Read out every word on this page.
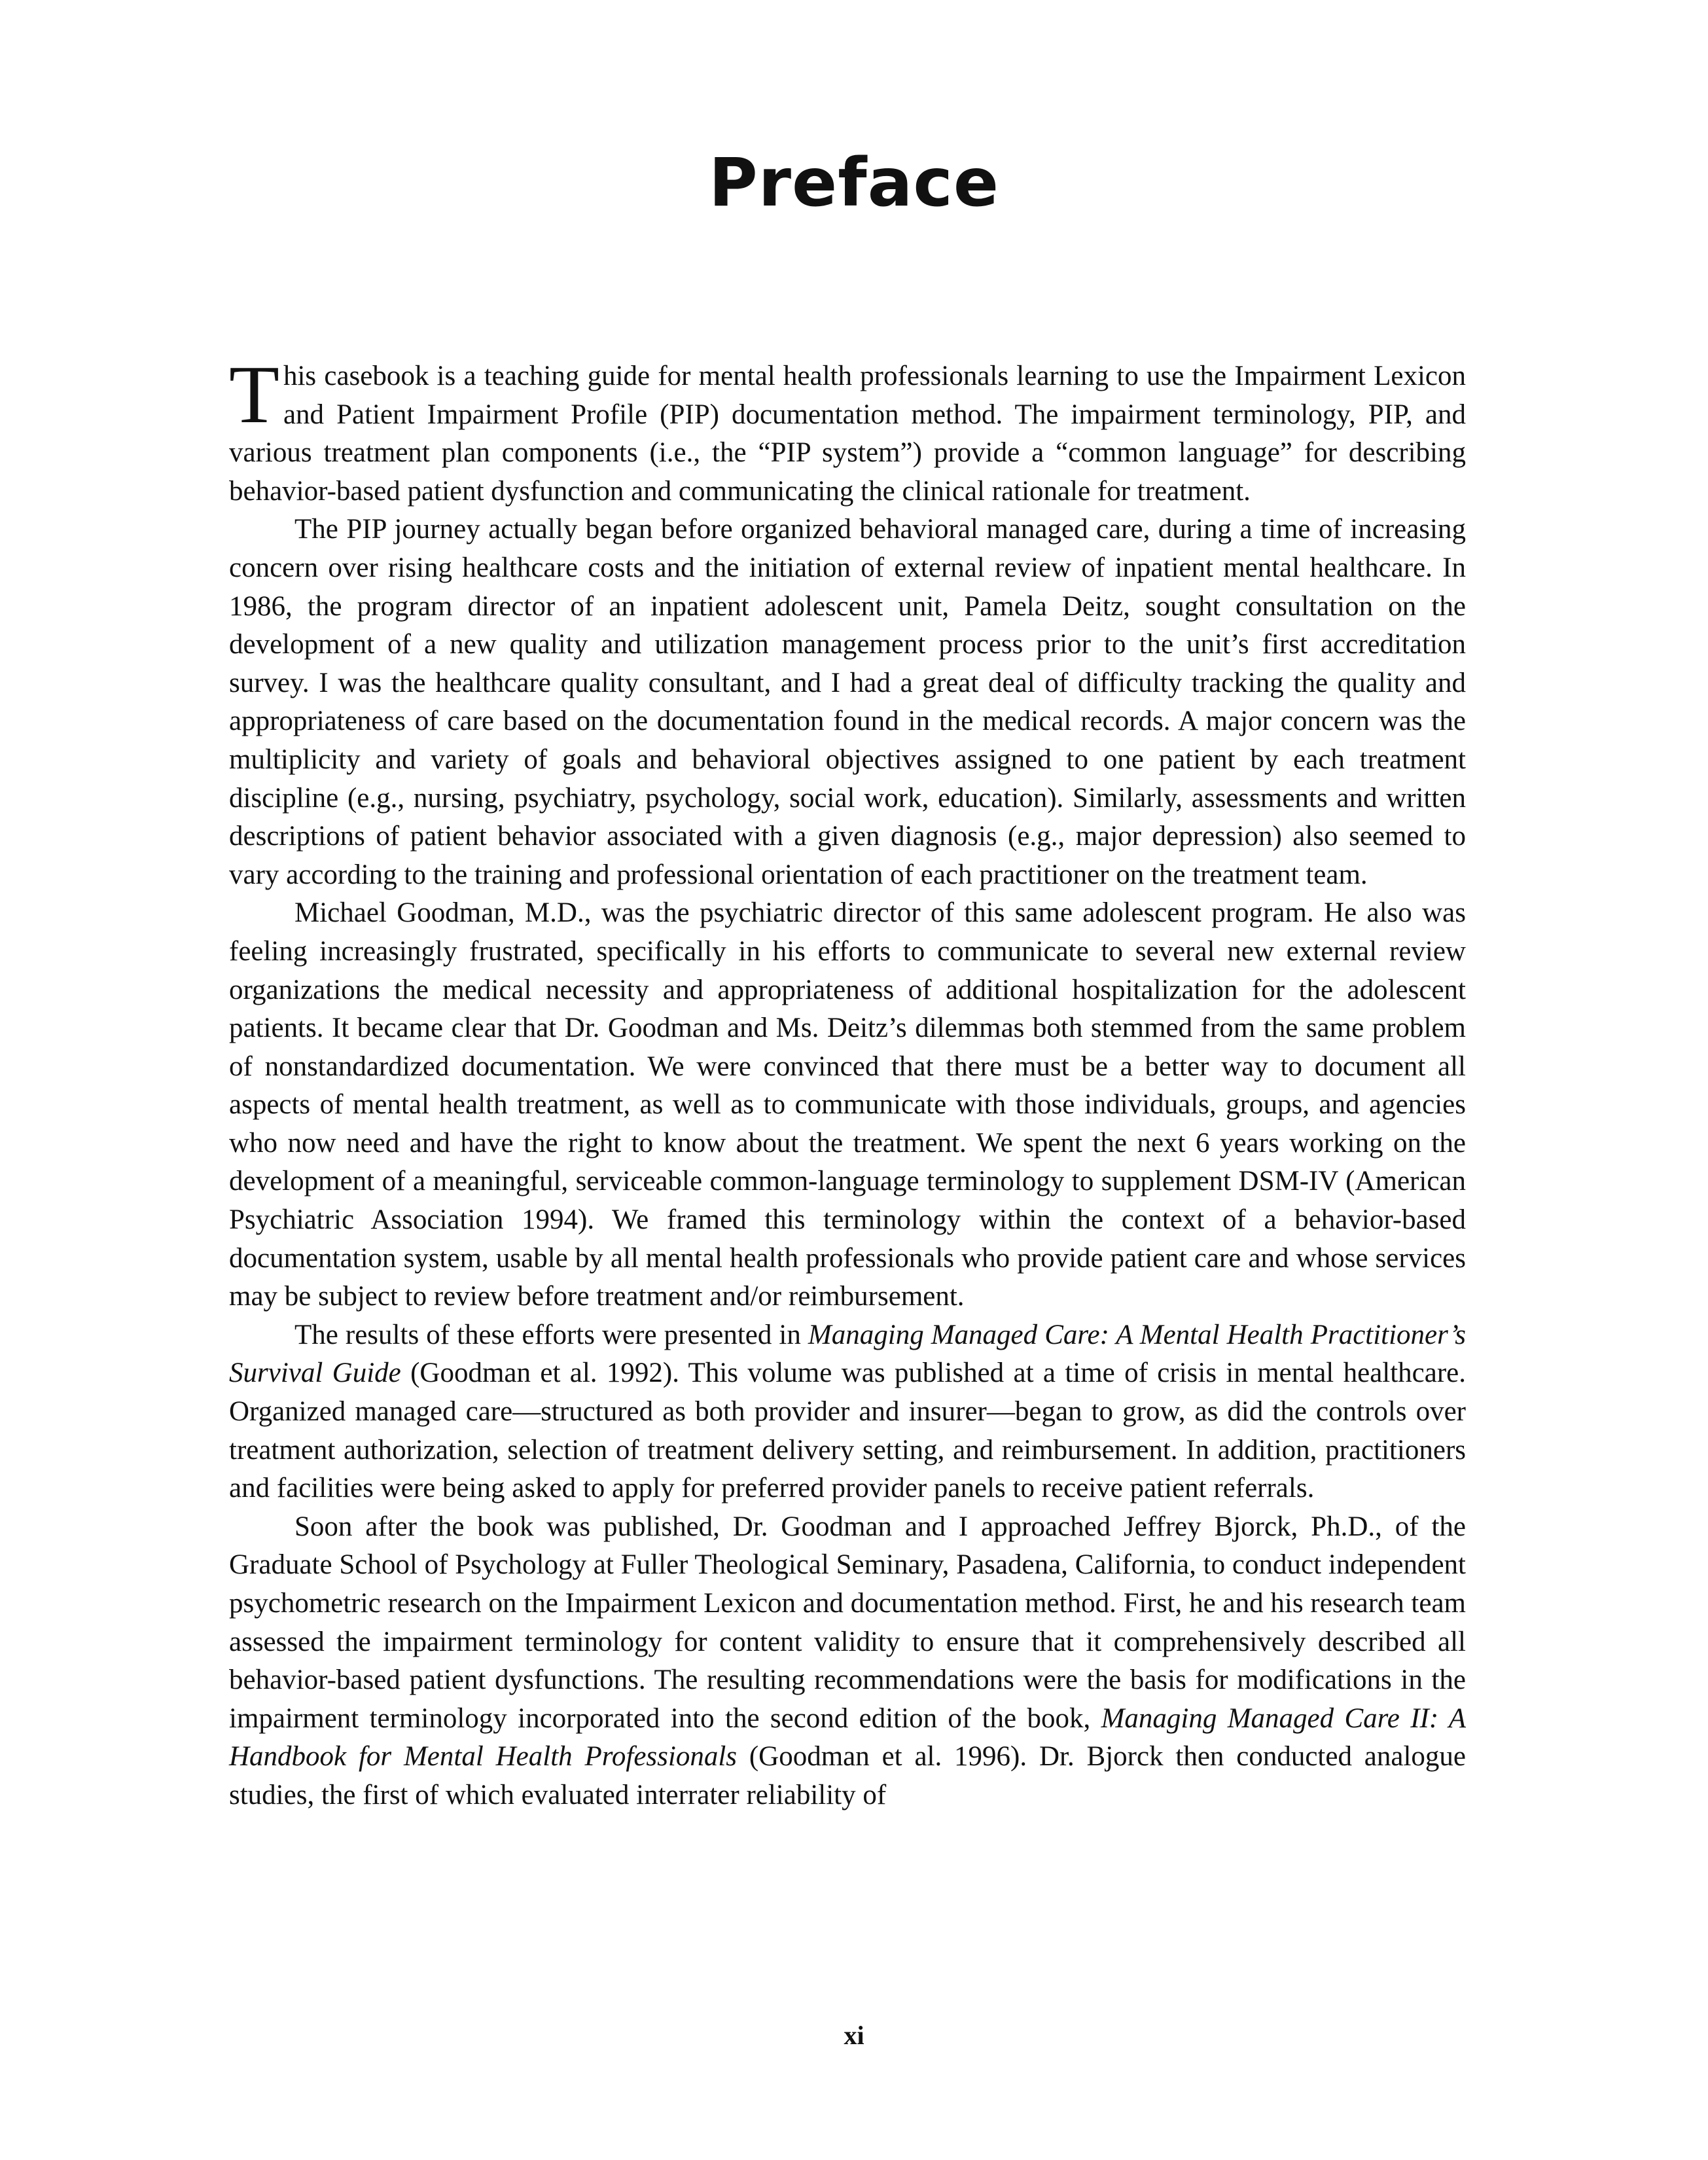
Preface

This casebook is a teaching guide for mental health professionals learning to use the Impairment Lexicon and Patient Impairment Profile (PIP) documentation method. The impairment terminology, PIP, and various treatment plan components (i.e., the “PIP system”) provide a “common language” for describing behavior-based patient dysfunction and communicating the clinical rationale for treatment.

The PIP journey actually began before organized behavioral managed care, during a time of increasing concern over rising healthcare costs and the initiation of external review of inpatient mental healthcare. In 1986, the program director of an inpatient adolescent unit, Pamela Deitz, sought consultation on the development of a new quality and utilization management process prior to the unit’s first accreditation survey. I was the healthcare quality consultant, and I had a great deal of difficulty tracking the quality and appropriateness of care based on the documentation found in the medical records. A major concern was the multiplicity and variety of goals and behavioral objectives assigned to one patient by each treatment discipline (e.g., nursing, psychiatry, psychology, social work, education). Similarly, assessments and written descriptions of patient behavior associated with a given diagnosis (e.g., major depression) also seemed to vary according to the training and professional orientation of each practitioner on the treatment team.

Michael Goodman, M.D., was the psychiatric director of this same adolescent program. He also was feeling increasingly frustrated, specifically in his efforts to communicate to several new external review organizations the medical necessity and appropriateness of additional hospitalization for the adolescent patients. It became clear that Dr. Goodman and Ms. Deitz’s dilemmas both stemmed from the same problem of nonstandardized documentation. We were convinced that there must be a better way to document all aspects of mental health treatment, as well as to communicate with those individuals, groups, and agencies who now need and have the right to know about the treatment. We spent the next 6 years working on the development of a meaningful, serviceable common-language terminology to supplement DSM-IV (American Psychiatric Association 1994). We framed this terminology within the context of a behavior-based documentation system, usable by all mental health professionals who provide patient care and whose services may be subject to review before treatment and/or reimbursement.

The results of these efforts were presented in Managing Managed Care: A Mental Health Practitioner’s Survival Guide (Goodman et al. 1992). This volume was published at a time of crisis in mental healthcare. Organized managed care—structured as both provider and insurer—began to grow, as did the controls over treatment authorization, selection of treatment delivery setting, and reimbursement. In addition, practitioners and facilities were being asked to apply for preferred provider panels to receive patient referrals.

Soon after the book was published, Dr. Goodman and I approached Jeffrey Bjorck, Ph.D., of the Graduate School of Psychology at Fuller Theological Seminary, Pasadena, California, to conduct independent psychometric research on the Impairment Lexicon and documentation method. First, he and his research team assessed the impairment terminology for content validity to ensure that it comprehensively described all behavior-based patient dysfunctions. The resulting recommendations were the basis for modifications in the impairment terminology incorporated into the second edition of the book, Managing Managed Care II: A Handbook for Mental Health Professionals (Goodman et al. 1996). Dr. Bjorck then conducted analogue studies, the first of which evaluated interrater reliability of

xi
